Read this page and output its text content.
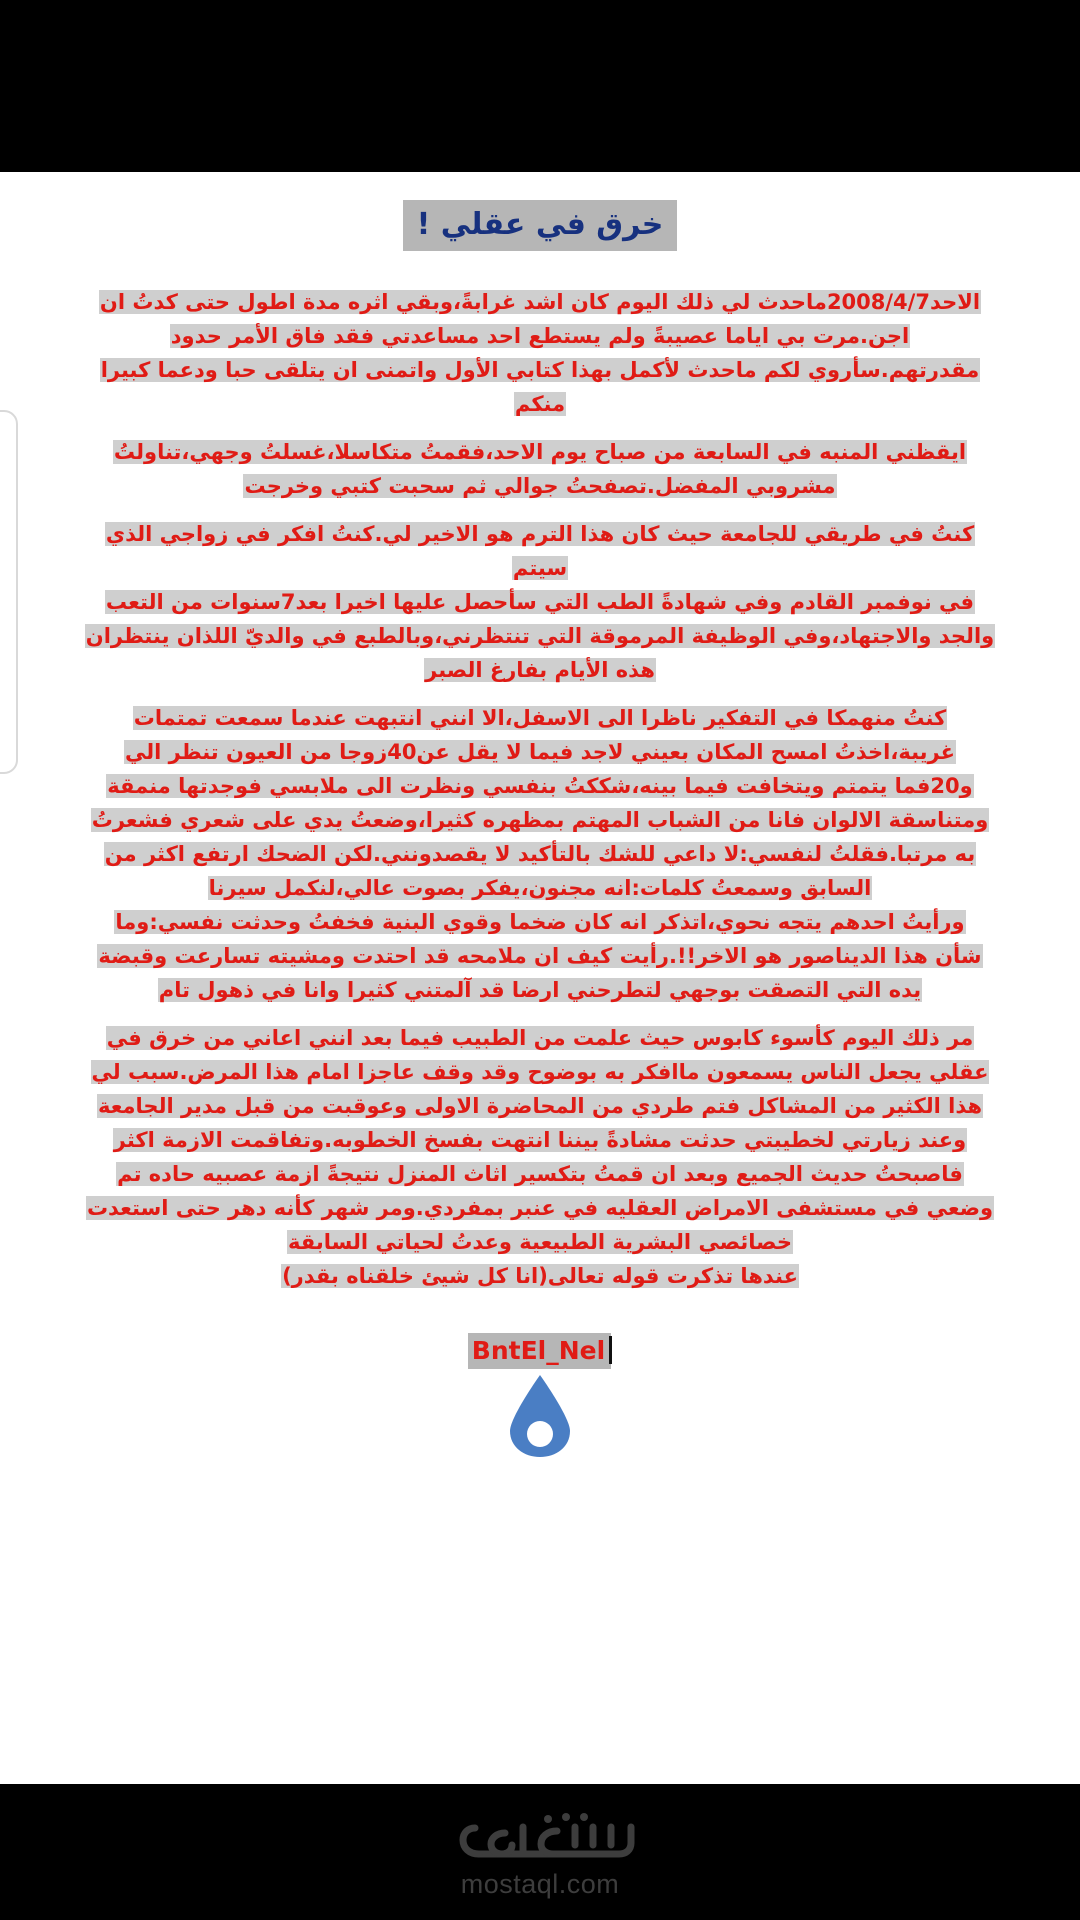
خرق في عقلي !
الاحد2008/4/7ماحدث لي ذلك اليوم كان اشد غرابةً،وبقي اثره مدة اطول حتى كدتُ ان
اجن.مرت بي اياما عصيبةً ولم يستطع احد مساعدتي فقد فاق الأمر حدود
مقدرتهم.سأروي لكم ماحدث لأكمل بهذا كتابي الأول واتمنى ان يتلقى حبا ودعما كبيرا
منكم
ايقظني المنبه في السابعة من صباح يوم الاحد،فقمتُ متكاسلا،غسلتُ وجهي،تناولتُ
مشروبي المفضل.تصفحتُ جوالي ثم سحبت كتبي وخرجت
كنتُ في طريقي للجامعة حيث كان هذا الترم هو الاخير لي.كنتُ افكر في زواجي الذي سيتم
في نوفمبر القادم وفي شهادةً الطب التي سأحصل عليها اخيرا بعد7سنوات من التعب
والجد والاجتهاد،وفي الوظيفة المرموقة التي تنتظرني،وبالطبع في والديّ اللذان ينتظران
هذه الأيام بفارغ الصبر
كنتُ منهمكا في التفكير ناظرا الى الاسفل،الا انني انتبهت عندما سمعت تمتمات
غريبة،اخذتُ امسح المكان بعيني لاجد فيما لا يقل عن40زوجا من العيون تنظر الي
و20فما يتمتم ويتخافت فيما بينه،شككتُ بنفسي ونظرت الى ملابسي فوجدتها منمقة
ومتناسقة الالوان فانا من الشباب المهتم بمظهره كثيرا،وضعتُ يدي على شعري فشعرتُ
به مرتبا.فقلتُ لنفسي:لا داعي للشك بالتأكيد لا يقصدونني.لكن الضحك ارتفع اكثر من
السابق وسمعتُ كلمات:انه مجنون،يفكر بصوت عالي،لنكمل سيرنا
ورأيتُ احدهم يتجه نحوي،اتذكر انه كان ضخما وقوي البنية فخفتُ وحدثت نفسي:وما
شأن هذا الديناصور هو الاخر!!.رأيت كيف ان ملامحه قد احتدت ومشيته تسارعت وقبضة
يده التي التصقت بوجهي لتطرحني ارضا قد آلمتني كثيرا وانا في ذهول تام
مر ذلك اليوم كأسوء كابوس حيث علمت من الطبيب فيما بعد انني اعاني من خرق في
عقلي يجعل الناس يسمعون ماافكر به بوضوح وقد وقف عاجزا امام هذا المرض.سبب لي
هذا الكثير من المشاكل فتم طردي من المحاضرة الاولى وعوقبت من قبل مدير الجامعة
وعند زيارتي لخطيبتي حدثت مشادةً بيننا انتهت بفسخ الخطوبه.وتفاقمت الازمة اكثر
فاصبحتُ حديث الجميع وبعد ان قمتُ بتكسير اثاث المنزل نتيجةً ازمة عصبيه حاده تم
وضعي في مستشفى الامراض العقليه في عنبر بمفردي.ومر شهر كأنه دهر حتى استعدت
خصائصي البشرية الطبيعية وعدتُ لحياتي السابقة
عندها تذكرت قوله تعالى(انا كل شيئ خلقناه بقدر)
BntEl_Nel
mostaql.com
